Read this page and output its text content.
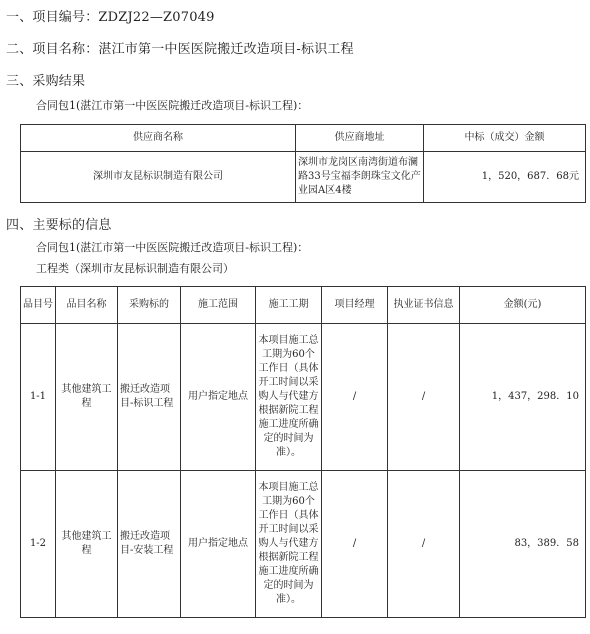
一、项目编号：ZDZJ22—Z07049
二、项目名称：湛江市第一中医医院搬迁改造项目-标识工程
三、采购结果
合同包1(湛江市第一中医医院搬迁改造项目-标识工程)：
供应商名称	供应商地址	中标（成交）金额
深圳市友昆标识制造有限公司	深圳市龙岗区南湾街道布澜路33号宝福李朗珠宝文化产业园A区4楼	1，520，687．68元
四、主要标的信息
合同包1(湛江市第一中医医院搬迁改造项目-标识工程)：
工程类（深圳市友昆标识制造有限公司）
品目号	品目名称	采购标的	施工范围	施工工期	项目经理	执业证书信息	金额(元)
1-1	其他建筑工程	搬迁改造项目-标识工程	用户指定地点	本项目施工总工期为60个工作日（具体开工时间以采购人与代建方根据新院工程施工进度所确定的时间为准）。	/	/	1，437，298．10
1-2	其他建筑工程	搬迁改造项目-安装工程	用户指定地点	本项目施工总工期为60个工作日（具体开工时间以采购人与代建方根据新院工程施工进度所确定的时间为准）。	/	/	83，389．58
